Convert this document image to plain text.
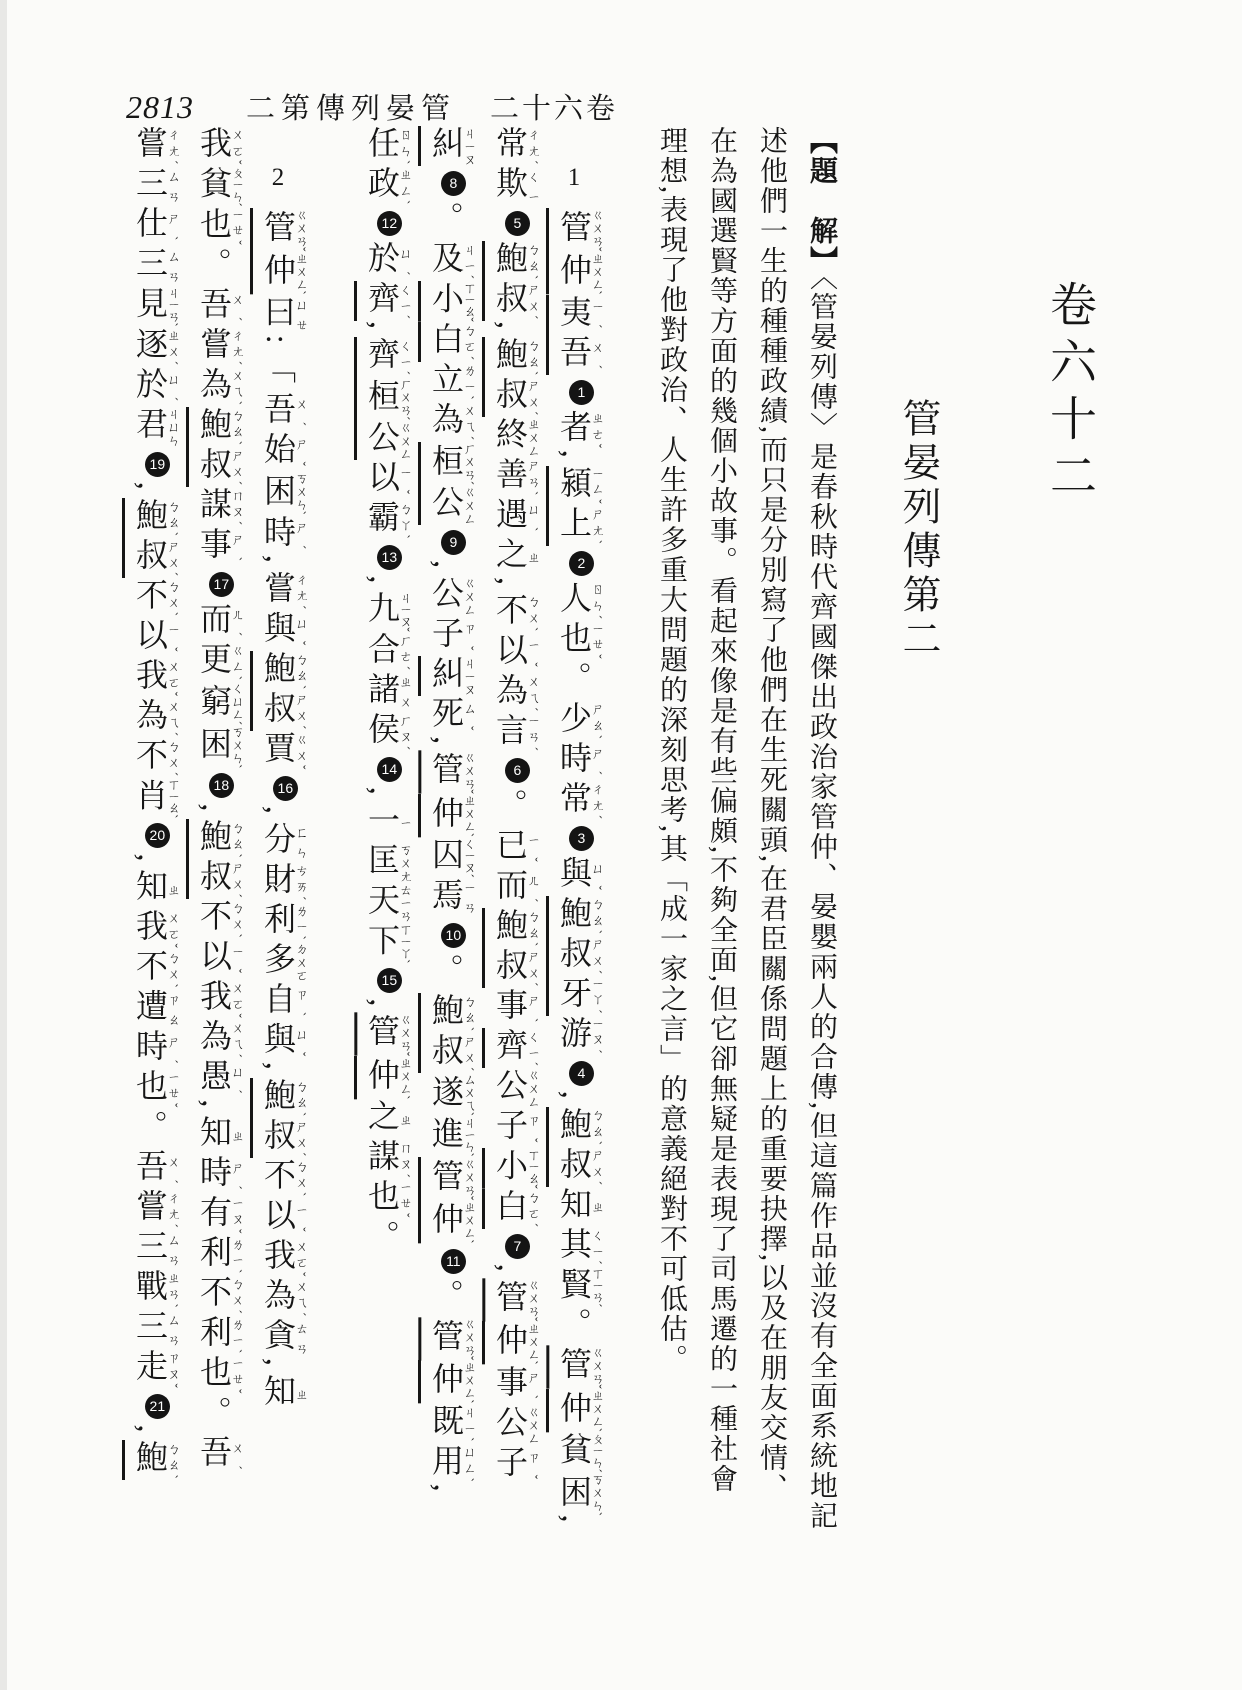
2813 二第傳列晏管 二十六卷
卷六十二
管晏列傳第二
【題　解】〈管晏列傳〉是春秋時代齊國傑出政治家管仲、晏嬰兩人的合傳,但這篇作品並沒有全面系統地記
述他們一生的種種政績,而只是分別寫了他們在生死關頭,在君臣關係問題上的重要抉擇,以及在朋友交情、
在為國選賢等方面的幾個小故事。看起來像是有些偏頗,不夠全面,但它卻無疑是表現了司馬遷的一種社會
理想,表現了他對政治、人生許多重大問題的深刻思考,其「成一家之言」的意義絕對不可低估。
1管ㄍㄨㄢˇ仲ㄓㄨㄥˋ夷ㄧˊ吾ㄨˊ1者ㄓㄜˇ,潁ㄧㄥˇ上ㄕㄤˋ2人ㄖㄣˊ也ㄧㄝˇ。少ㄕㄠˋ時ㄕˊ常ㄔㄤˊ3與ㄩˇ鮑ㄅㄠˋ叔ㄕㄨˊ牙ㄧㄚˊ游ㄧㄡˊ4,鮑ㄅㄠˋ叔ㄕㄨˊ知ㄓ其ㄑㄧˊ賢ㄒㄧㄢˊ。管ㄍㄨㄢˇ仲ㄓㄨㄥˋ貧ㄆㄧㄣˊ困ㄎㄨㄣˋ,
常ㄔㄤˊ欺ㄑㄧ5鮑ㄅㄠˋ叔ㄕㄨˊ,鮑ㄅㄠˋ叔ㄕㄨˊ終ㄓㄨㄥ善ㄕㄢˋ遇ㄩˋ之ㄓ,不ㄅㄨˋ以ㄧˇ為ㄨㄟˊ言ㄧㄢˊ6。已ㄧˇ而ㄦˊ鮑ㄅㄠˋ叔ㄕㄨˊ事ㄕˋ齊ㄑㄧˊ公ㄍㄨㄥ子ㄗˇ小ㄒㄧㄠˇ白ㄅㄛˊ7,管ㄍㄨㄢˇ仲ㄓㄨㄥˋ事ㄕˋ公ㄍㄨㄥ子ㄗˇ
糾ㄐㄧㄡ8。及ㄐㄧˊ小ㄒㄧㄠˇ白ㄅㄛˊ立ㄌㄧˋ為ㄨㄟˊ桓ㄏㄨㄢˊ公ㄍㄨㄥ9,公ㄍㄨㄥ子ㄗˇ糾ㄐㄧㄡ死ㄙˇ,管ㄍㄨㄢˇ仲ㄓㄨㄥˋ囚ㄑㄧㄡˊ焉ㄧㄢ10。鮑ㄅㄠˋ叔ㄕㄨˊ遂ㄙㄨㄟˋ進ㄐㄧㄣˋ管ㄍㄨㄢˇ仲ㄓㄨㄥˋ11。管ㄍㄨㄢˇ仲ㄓㄨㄥˋ既ㄐㄧˋ用ㄩㄥˋ,
任ㄖㄣˋ政ㄓㄥˋ12於ㄩˊ齊ㄑㄧˊ,齊ㄑㄧˊ桓ㄏㄨㄢˊ公ㄍㄨㄥ以ㄧˇ霸ㄅㄚˋ13,九ㄐㄧㄡˇ合ㄏㄜˊ諸ㄓㄨ侯ㄏㄡˊ14,一ㄧ匡ㄎㄨㄤ天ㄊㄧㄢ下ㄒㄧㄚˋ15,管ㄍㄨㄢˇ仲ㄓㄨㄥˋ之ㄓ謀ㄇㄡˊ也ㄧㄝˇ。
2管ㄍㄨㄢˇ仲ㄓㄨㄥˋ曰ㄩㄝ:「吾ㄨˊ始ㄕˇ困ㄎㄨㄣˋ時ㄕˊ,嘗ㄔㄤˊ與ㄩˇ鮑ㄅㄠˋ叔ㄕㄨˊ賈ㄍㄨˇ16,分ㄈㄣ財ㄘㄞˊ利ㄌㄧˋ多ㄉㄨㄛ自ㄗˋ與ㄩˇ,鮑ㄅㄠˋ叔ㄕㄨˊ不ㄅㄨˋ以ㄧˇ我ㄨㄛˇ為ㄨㄟˊ貪ㄊㄢ,知ㄓ
我ㄨㄛˇ貧ㄆㄧㄣˊ也ㄧㄝˇ。吾ㄨˊ嘗ㄔㄤˊ為ㄨㄟˋ鮑ㄅㄠˋ叔ㄕㄨˊ謀ㄇㄡˊ事ㄕˋ17而ㄦˊ更ㄍㄥˋ窮ㄑㄩㄥˊ困ㄎㄨㄣˋ18,鮑ㄅㄠˋ叔ㄕㄨˊ不ㄅㄨˋ以ㄧˇ我ㄨㄛˇ為ㄨㄟˊ愚ㄩˊ,知ㄓ時ㄕˊ有ㄧㄡˇ利ㄌㄧˋ不ㄅㄨˊ利ㄌㄧˋ也ㄧㄝˇ。吾ㄨˊ
嘗ㄔㄤˊ三ㄙㄢ仕ㄕˋ三ㄙㄢ見ㄐㄧㄢˋ逐ㄓㄨˊ於ㄩˊ君ㄐㄩㄣ19,鮑ㄅㄠˋ叔ㄕㄨˊ不ㄅㄨˋ以ㄧˇ我ㄨㄛˇ為ㄨㄟˊ不ㄅㄨˊ肖ㄒㄧㄠˋ20,知ㄓ我ㄨㄛˇ不ㄅㄨˋ遭ㄗㄠ時ㄕˊ也ㄧㄝˇ。吾ㄨˊ嘗ㄔㄤˊ三ㄙㄢ戰ㄓㄢˋ三ㄙㄢ走ㄗㄡˇ21,鮑ㄅㄠˋ
